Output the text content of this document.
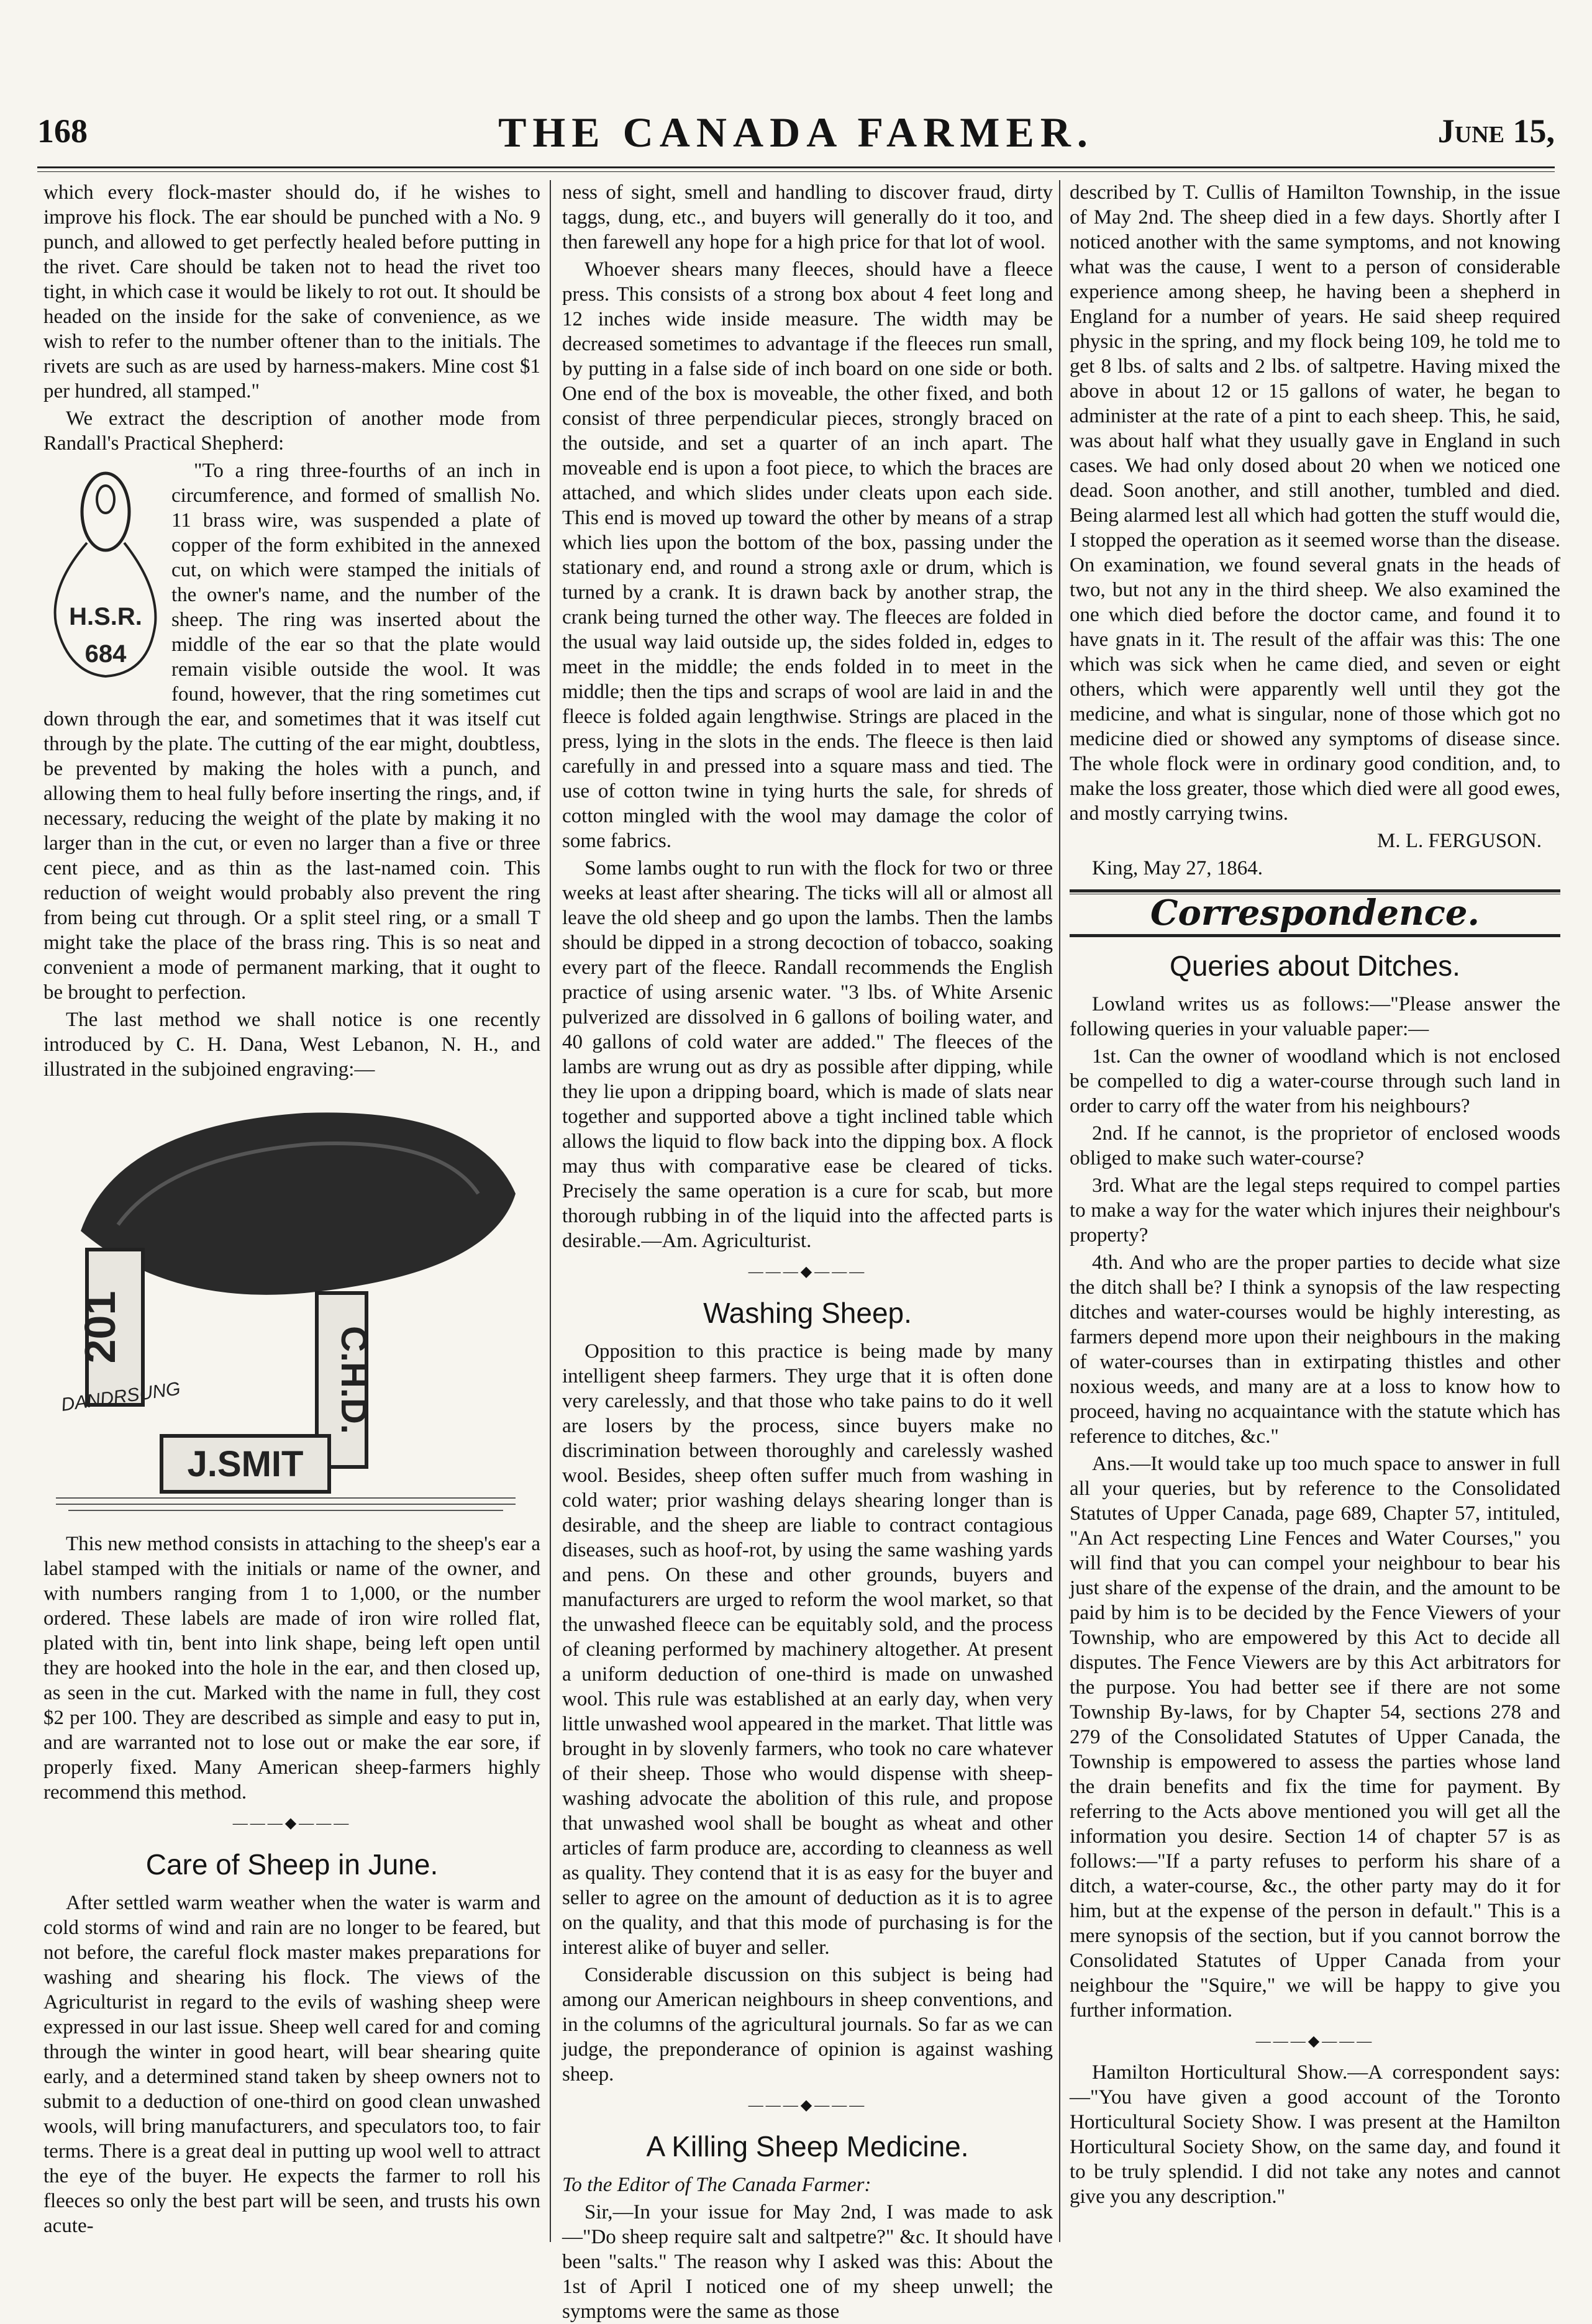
168	THE CANADA FARMER.	June 15,

which every flock-master should do, if he wishes to improve his flock. The ear should be punched with a No. 9 punch, and allowed to get perfectly healed before putting in the rivet. Care should be taken not to head the rivet too tight, in which case it would be likely to rot out. It should be headed on the inside for the sake of convenience, as we wish to refer to the number oftener than to the initials. The rivets are such as are used by harness-makers. Mine cost $1 per hundred, all stamped."

We extract the description of another mode from Randall's Practical Shepherd:

H.S.R.
684

"To a ring three-fourths of an inch in circumference, and formed of smallish No. 11 brass wire, was suspended a plate of copper of the form exhibited in the annexed cut, on which were stamped the initials of the owner's name, and the number of the sheep. The ring was inserted about the middle of the ear so that the plate would remain visible outside the wool. It was found, however, that the ring sometimes cut down through the ear, and sometimes that it was itself cut through by the plate. The cutting of the ear might, doubtless, be prevented by making the holes with a punch, and allowing them to heal fully before inserting the rings, and, if necessary, reducing the weight of the plate by making it no larger than in the cut, or even no larger than a five or three cent piece, and as thin as the last-named coin. This reduction of weight would probably also prevent the ring from being cut through. Or a split steel ring, or a small T might take the place of the brass ring. This is so neat and convenient a mode of permanent marking, that it ought to be brought to perfection.

The last method we shall notice is one recently introduced by C. H. Dana, West Lebanon, N. H., and illustrated in the subjoined engraving:—

201	C.H.D.
J.SMIT
DANDRSUNG

This new method consists in attaching to the sheep's ear a label stamped with the initials or name of the owner, and with numbers ranging from 1 to 1,000, or the number ordered. These labels are made of iron wire rolled flat, plated with tin, bent into link shape, being left open until they are hooked into the hole in the ear, and then closed up, as seen in the cut. Marked with the name in full, they cost $2 per 100. They are described as simple and easy to put in, and are warranted not to lose out or make the ear sore, if properly fixed. Many American sheep-farmers highly recommend this method.

———◆———
Care of Sheep in June.

After settled warm weather when the water is warm and cold storms of wind and rain are no longer to be feared, but not before, the careful flock master makes preparations for washing and shearing his flock. The views of the Agriculturist in regard to the evils of washing sheep were expressed in our last issue. Sheep well cared for and coming through the winter in good heart, will bear shearing quite early, and a determined stand taken by sheep owners not to submit to a deduction of one-third on good clean unwashed wools, will bring manufacturers, and speculators too, to fair terms. There is a great deal in putting up wool well to attract the eye of the buyer. He expects the farmer to roll his fleeces so only the best part will be seen, and trusts his own acute-

ness of sight, smell and handling to discover fraud, dirty taggs, dung, etc., and buyers will generally do it too, and then farewell any hope for a high price for that lot of wool.

Whoever shears many fleeces, should have a fleece press. This consists of a strong box about 4 feet long and 12 inches wide inside measure. The width may be decreased sometimes to advantage if the fleeces run small, by putting in a false side of inch board on one side or both. One end of the box is moveable, the other fixed, and both consist of three perpendicular pieces, strongly braced on the outside, and set a quarter of an inch apart. The moveable end is upon a foot piece, to which the braces are attached, and which slides under cleats upon each side. This end is moved up toward the other by means of a strap which lies upon the bottom of the box, passing under the stationary end, and round a strong axle or drum, which is turned by a crank. It is drawn back by another strap, the crank being turned the other way. The fleeces are folded in the usual way laid outside up, the sides folded in, edges to meet in the middle; the ends folded in to meet in the middle; then the tips and scraps of wool are laid in and the fleece is folded again lengthwise. Strings are placed in the press, lying in the slots in the ends. The fleece is then laid carefully in and pressed into a square mass and tied. The use of cotton twine in tying hurts the sale, for shreds of cotton mingled with the wool may damage the color of some fabrics.

Some lambs ought to run with the flock for two or three weeks at least after shearing. The ticks will all or almost all leave the old sheep and go upon the lambs. Then the lambs should be dipped in a strong decoction of tobacco, soaking every part of the fleece. Randall recommends the English practice of using arsenic water. "3 lbs. of White Arsenic pulverized are dissolved in 6 gallons of boiling water, and 40 gallons of cold water are added." The fleeces of the lambs are wrung out as dry as possible after dipping, while they lie upon a dripping board, which is made of slats near together and supported above a tight inclined table which allows the liquid to flow back into the dipping box. A flock may thus with comparative ease be cleared of ticks. Precisely the same operation is a cure for scab, but more thorough rubbing in of the liquid into the affected parts is desirable.—Am. Agriculturist.

———◆———
Washing Sheep.

Opposition to this practice is being made by many intelligent sheep farmers. They urge that it is often done very carelessly, and that those who take pains to do it well are losers by the process, since buyers make no discrimination between thoroughly and carelessly washed wool. Besides, sheep often suffer much from washing in cold water; prior washing delays shearing longer than is desirable, and the sheep are liable to contract contagious diseases, such as hoof-rot, by using the same washing yards and pens. On these and other grounds, buyers and manufacturers are urged to reform the wool market, so that the unwashed fleece can be equitably sold, and the process of cleaning performed by machinery altogether. At present a uniform deduction of one-third is made on unwashed wool. This rule was established at an early day, when very little unwashed wool appeared in the market. That little was brought in by slovenly farmers, who took no care whatever of their sheep. Those who would dispense with sheep-washing advocate the abolition of this rule, and propose that unwashed wool shall be bought as wheat and other articles of farm produce are, according to cleanness as well as quality. They contend that it is as easy for the buyer and seller to agree on the amount of deduction as it is to agree on the quality, and that this mode of purchasing is for the interest alike of buyer and seller.

Considerable discussion on this subject is being had among our American neighbours in sheep conventions, and in the columns of the agricultural journals. So far as we can judge, the preponderance of opinion is against washing sheep.

———◆———
A Killing Sheep Medicine.

To the Editor of The Canada Farmer:

Sir,—In your issue for May 2nd, I was made to ask —"Do sheep require salt and saltpetre?" &c. It should have been "salts." The reason why I asked was this: About the 1st of April I noticed one of my sheep unwell; the symptoms were the same as those

described by T. Cullis of Hamilton Township, in the issue of May 2nd. The sheep died in a few days. Shortly after I noticed another with the same symptoms, and not knowing what was the cause, I went to a person of considerable experience among sheep, he having been a shepherd in England for a number of years. He said sheep required physic in the spring, and my flock being 109, he told me to get 8 lbs. of salts and 2 lbs. of saltpetre. Having mixed the above in about 12 or 15 gallons of water, he began to administer at the rate of a pint to each sheep. This, he said, was about half what they usually gave in England in such cases. We had only dosed about 20 when we noticed one dead. Soon another, and still another, tumbled and died. Being alarmed lest all which had gotten the stuff would die, I stopped the operation as it seemed worse than the disease. On examination, we found several gnats in the heads of two, but not any in the third sheep. We also examined the one which died before the doctor came, and found it to have gnats in it. The result of the affair was this: The one which was sick when he came died, and seven or eight others, which were apparently well until they got the medicine, and what is singular, none of those which got no medicine died or showed any symptoms of disease since. The whole flock were in ordinary good condition, and, to make the loss greater, those which died were all good ewes, and mostly carrying twins.

M. L. FERGUSON.

King, May 27, 1864.

Correspondence.
Queries about Ditches.

Lowland writes us as follows:—"Please answer the following queries in your valuable paper:—

1st. Can the owner of woodland which is not enclosed be compelled to dig a water-course through such land in order to carry off the water from his neighbours?

2nd. If he cannot, is the proprietor of enclosed woods obliged to make such water-course?

3rd. What are the legal steps required to compel parties to make a way for the water which injures their neighbour's property?

4th. And who are the proper parties to decide what size the ditch shall be? I think a synopsis of the law respecting ditches and water-courses would be highly interesting, as farmers depend more upon their neighbours in the making of water-courses than in extirpating thistles and other noxious weeds, and many are at a loss to know how to proceed, having no acquaintance with the statute which has reference to ditches, &c."

Ans.—It would take up too much space to answer in full all your queries, but by reference to the Consolidated Statutes of Upper Canada, page 689, Chapter 57, intituled, "An Act respecting Line Fences and Water Courses," you will find that you can compel your neighbour to bear his just share of the expense of the drain, and the amount to be paid by him is to be decided by the Fence Viewers of your Township, who are empowered by this Act to decide all disputes. The Fence Viewers are by this Act arbitrators for the purpose. You had better see if there are not some Township By-laws, for by Chapter 54, sections 278 and 279 of the Consolidated Statutes of Upper Canada, the Township is empowered to assess the parties whose land the drain benefits and fix the time for payment. By referring to the Acts above mentioned you will get all the information you desire. Section 14 of chapter 57 is as follows:—"If a party refuses to perform his share of a ditch, a water-course, &c., the other party may do it for him, but at the expense of the person in default." This is a mere synopsis of the section, but if you cannot borrow the Consolidated Statutes of Upper Canada from your neighbour the "Squire," we will be happy to give you further information.

———◆———

Hamilton Horticultural Show.—A correspondent says:—"You have given a good account of the Toronto Horticultural Society Show. I was present at the Hamilton Horticultural Society Show, on the same day, and found it to be truly splendid. I did not take any notes and cannot give you any description."
